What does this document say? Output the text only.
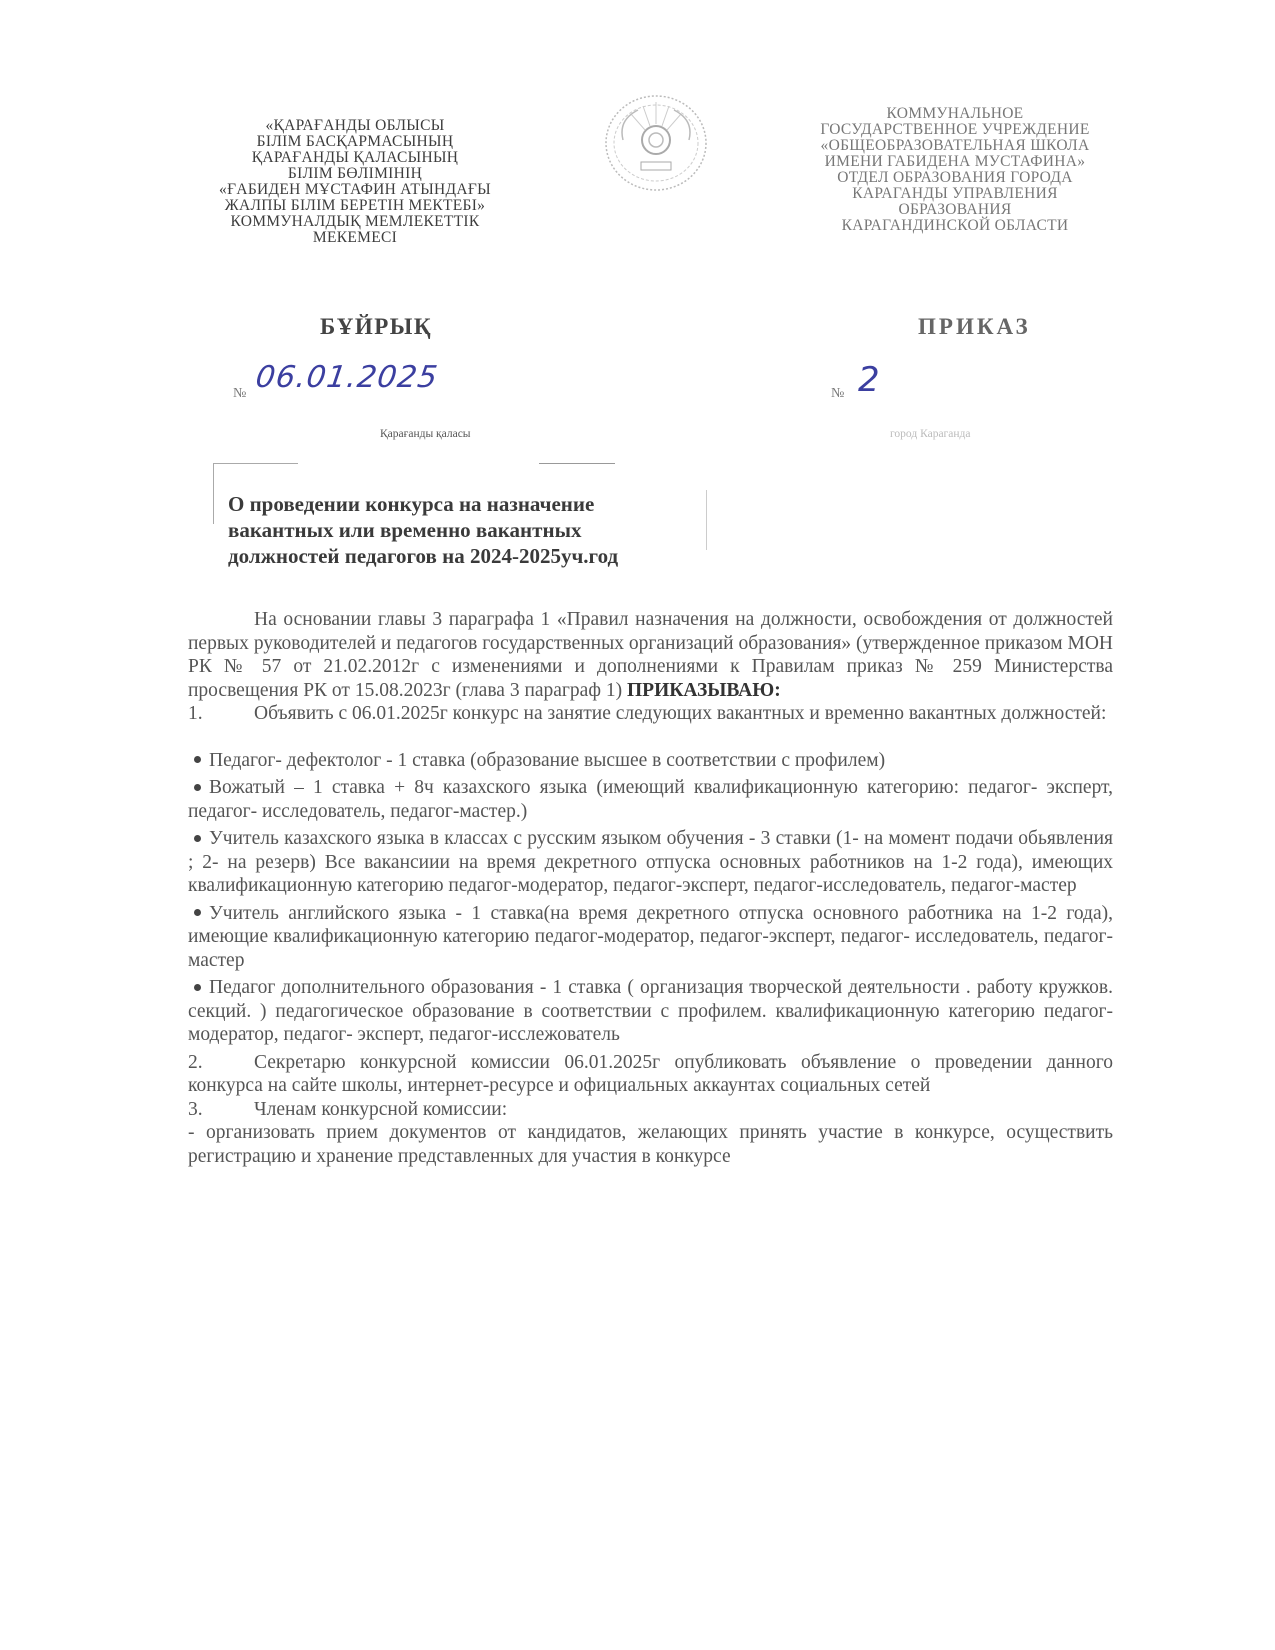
«ҚАРАҒАНДЫ ОБЛЫСЫ
БІЛІМ БАСҚАРМАСЫНЫҢ
ҚАРАҒАНДЫ ҚАЛАСЫНЫҢ
БІЛІМ БӨЛІМІНІҢ
«ҒАБИДЕН МҰСТАФИН АТЫНДАҒЫ
ЖАЛПЫ БІЛІМ БЕРЕТІН МЕКТЕБІ»
КОММУНАЛДЫҚ МЕМЛЕКЕТТІК
МЕКЕМЕСІ
КОММУНАЛЬНОЕ
ГОСУДАРСТВЕННОЕ УЧРЕЖДЕНИЕ
«ОБЩЕОБРАЗОВАТЕЛЬНАЯ ШКОЛА
ИМЕНИ ГАБИДЕНА МУСТАФИНА»
ОТДЕЛ ОБРАЗОВАНИЯ ГОРОДА
КАРАГАНДЫ УПРАВЛЕНИЯ
ОБРАЗОВАНИЯ
КАРАГАНДИНСКОЙ ОБЛАСТИ
БҰЙРЫҚ	ПРИКАЗ
№ 06.01.2025	№ 2
Қарағанды қаласы	город Караганда
О проведении конкурса на назначение
вакантных или временно вакантных
должностей педагогов на 2024-2025уч.год

На основании главы 3 параграфа 1 «Правил назначения на должности, освобождения от должностей первых руководителей и педагогов государственных организаций образования» (утвержденное приказом МОН РК № 57 от 21.02.2012г с изменениями и дополнениями к Правилам приказ № 259 Министерства просвещения РК от 15.08.2023г (глава 3 параграф 1) ПРИКАЗЫВАЮ:

1.	Объявить с 06.01.2025г конкурс на занятие следующих вакантных и временно вакантных должностей:

Педагог- дефектолог - 1 ставка (образование высшее в соответствии с профилем)

Вожатый – 1 ставка + 8ч казахского языка (имеющий квалификационную категорию: педагог- эксперт, педагог- исследователь, педагог-мастер.)

Учитель казахского языка в классах с русским языком обучения - 3 ставки (1- на момент подачи обьявления ; 2- на резерв) Все вакансиии на время декретного отпуска основных работников на 1-2 года), имеющих квалификационную категорию педагог-модератор, педагог-эксперт, педагог-исследователь, педагог-мастер

Учитель английского языка - 1 ставка(на время декретного отпуска основного работника на 1-2 года), имеющие квалификационную категорию педагог-модератор, педагог-эксперт, педагог- исследователь, педагог-мастер

Педагог дополнительного образования - 1 ставка ( организация творческой деятельности . работу кружков. секций. ) педагогическое образование в соответствии с профилем. квалификационную категорию педагог-модератор, педагог- эксперт, педагог-исслежователь

2.	Секретарю конкурсной комиссии 06.01.2025г опубликовать объявление о проведении данного конкурса на сайте школы, интернет-ресурсе и официальных аккаунтах социальных сетей
3.	Членам конкурсной комиссии:

- организовать прием документов от кандидатов, желающих принять участие в конкурсе, осуществить регистрацию и хранение представленных для участия в конкурсе
